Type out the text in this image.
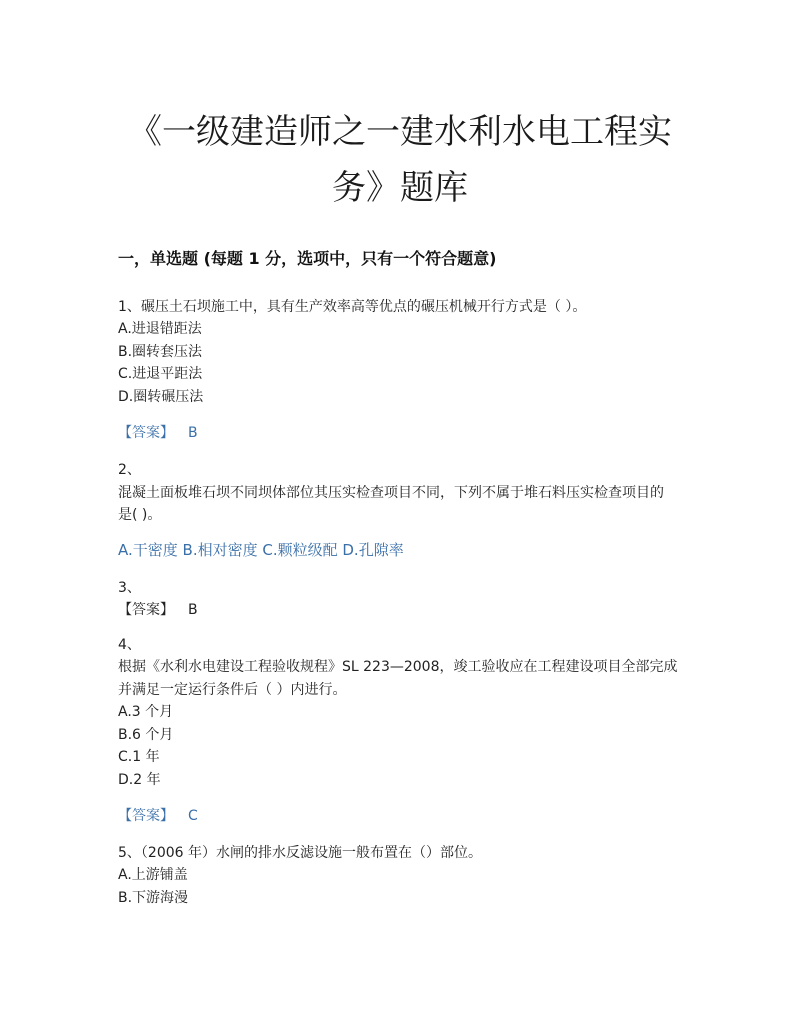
《一级建造师之一建水利水电工程实
务》题库
一，单选题 (每题 1 分，选项中，只有一个符合题意)
1、碾压土石坝施工中，具有生产效率高等优点的碾压机械开行方式是（ ）。
A.进退错距法
B.圈转套压法
C.进退平距法
D.圈转碾压法
【答案】 B
2、
混凝土面板堆石坝不同坝体部位其压实检查项目不同，下列不属于堆石料压实检查项目的
是( )。
A.干密度 B.相对密度 C.颗粒级配 D.孔隙率
3、
【答案】 B
4、
根据《水利水电建设工程验收规程》SL 223—2008，竣工验收应在工程建设项目全部完成
并满足一定运行条件后（ ）内进行。
A.3 个月
B.6 个月
C.1 年
D.2 年
【答案】 C
5、（2006 年）水闸的排水反滤设施一般布置在（）部位。
A.上游铺盖
B.下游海漫
